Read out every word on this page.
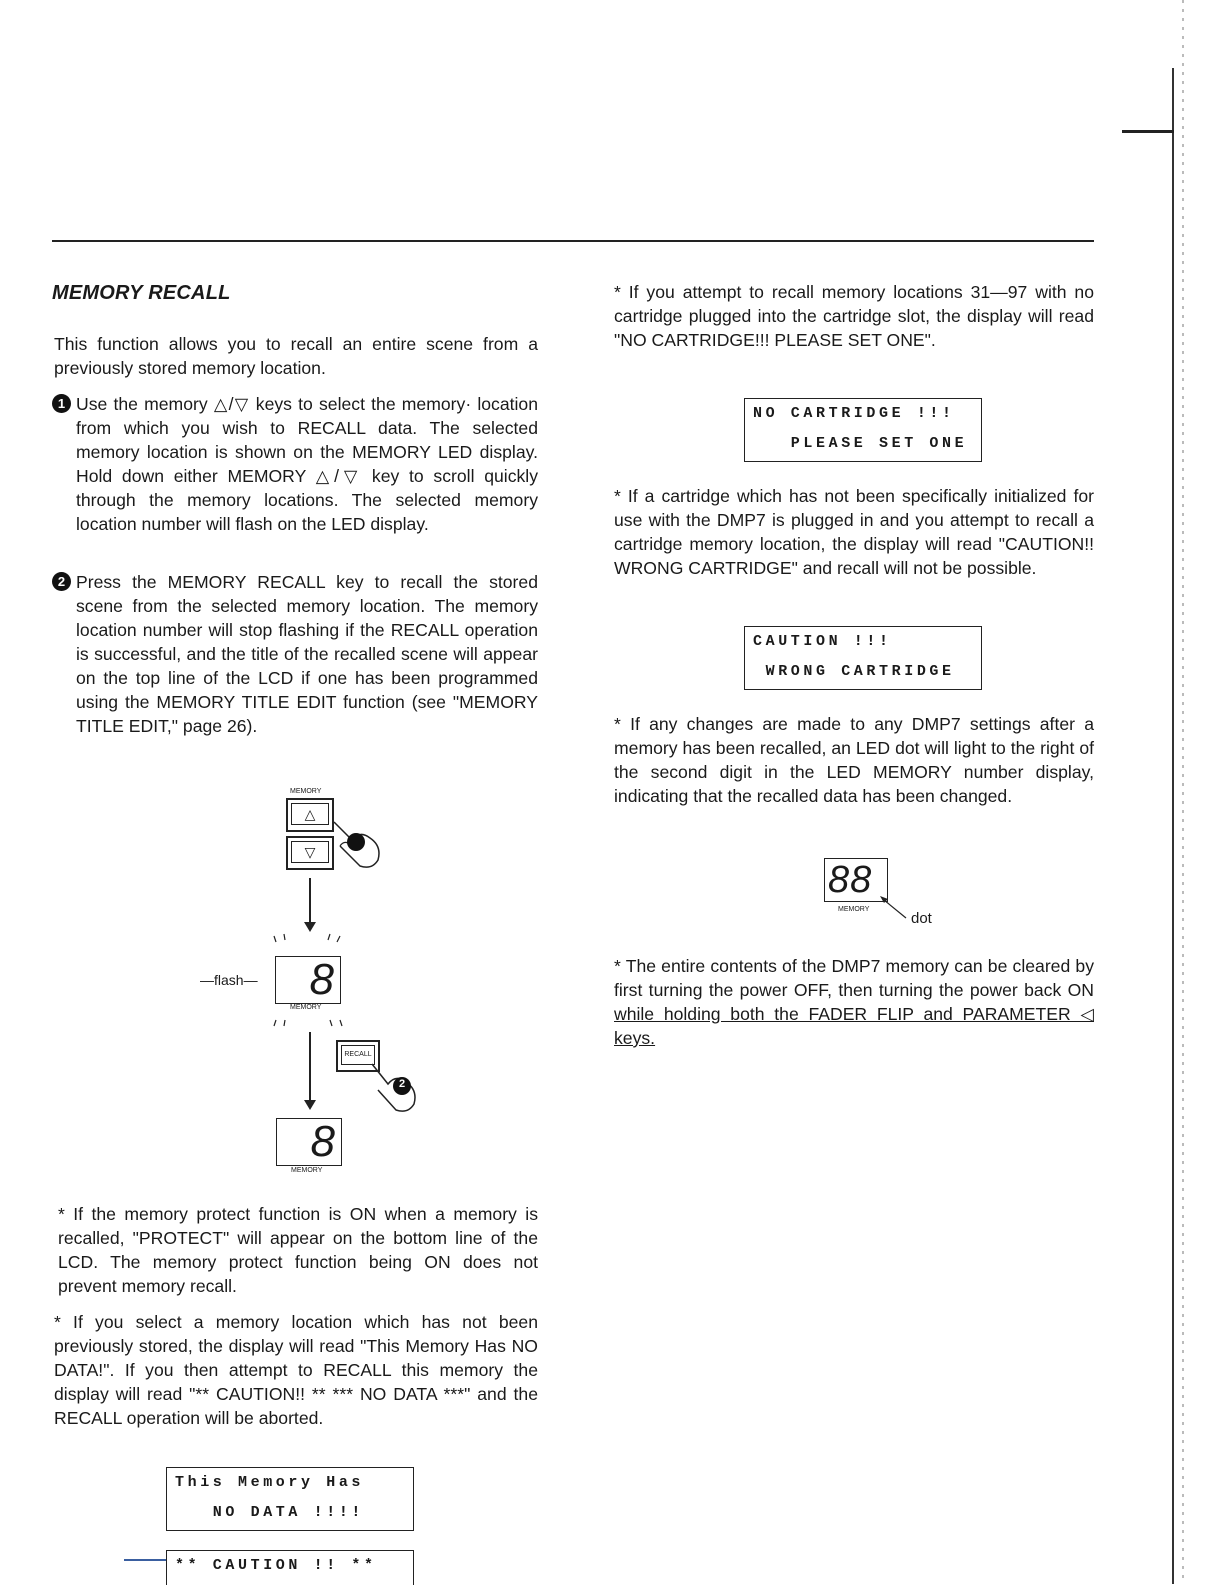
MEMORY RECALL
This function allows you to recall an entire scene from a previously stored memory location.
1 Use the memory △/▽ keys to select the memory· location from which you wish to RECALL data. The selected memory location is shown on the MEMORY LED display. Hold down either MEMORY △/▽ key to scroll quickly through the memory locations. The selected memory location number will flash on the LED display.
2 Press the MEMORY RECALL key to recall the stored scene from the selected memory location. The memory location number will stop flashing if the RECALL operation is successful, and the title of the recalled scene will appear on the top line of the LCD if one has been programmed using the MEMORY TITLE EDIT function (see "MEMORY TITLE EDIT," page 26).
MEMORY
△
▽
1
—flash— 8
MEMORY
RECALL
2
8
MEMORY
* If the memory protect function is ON when a memory is recalled, "PROTECT" will appear on the bottom line of the LCD. The memory protect function being ON does not prevent memory recall.
* If you select a memory location which has not been previously stored, the display will read "This Memory Has NO DATA!". If you then attempt to RECALL this memory the display will read "** CAUTION!! ** *** NO DATA ***" and the RECALL operation will be aborted.
This Memory Has
NO DATA !!!!
** CAUTION !! **
* If you attempt to recall memory locations 31—97 with no cartridge plugged into the cartridge slot, the display will read "NO CARTRIDGE!!! PLEASE SET ONE".
NO CARTRIDGE !!!
PLEASE SET ONE
* If a cartridge which has not been specifically initialized for use with the DMP7 is plugged in and you attempt to recall a cartridge memory location, the display will read "CAUTION!! WRONG CARTRIDGE" and recall will not be possible.
CAUTION !!!
WRONG CARTRIDGE
* If any changes are made to any DMP7 settings after a memory has been recalled, an LED dot will light to the right of the second digit in the LED MEMORY number display, indicating that the recalled data has been changed.
88
MEMORY
dot
* The entire contents of the DMP7 memory can be cleared by first turning the power OFF, then turning the power back ON while holding both the FADER FLIP and PARAMETER ◁ keys.
